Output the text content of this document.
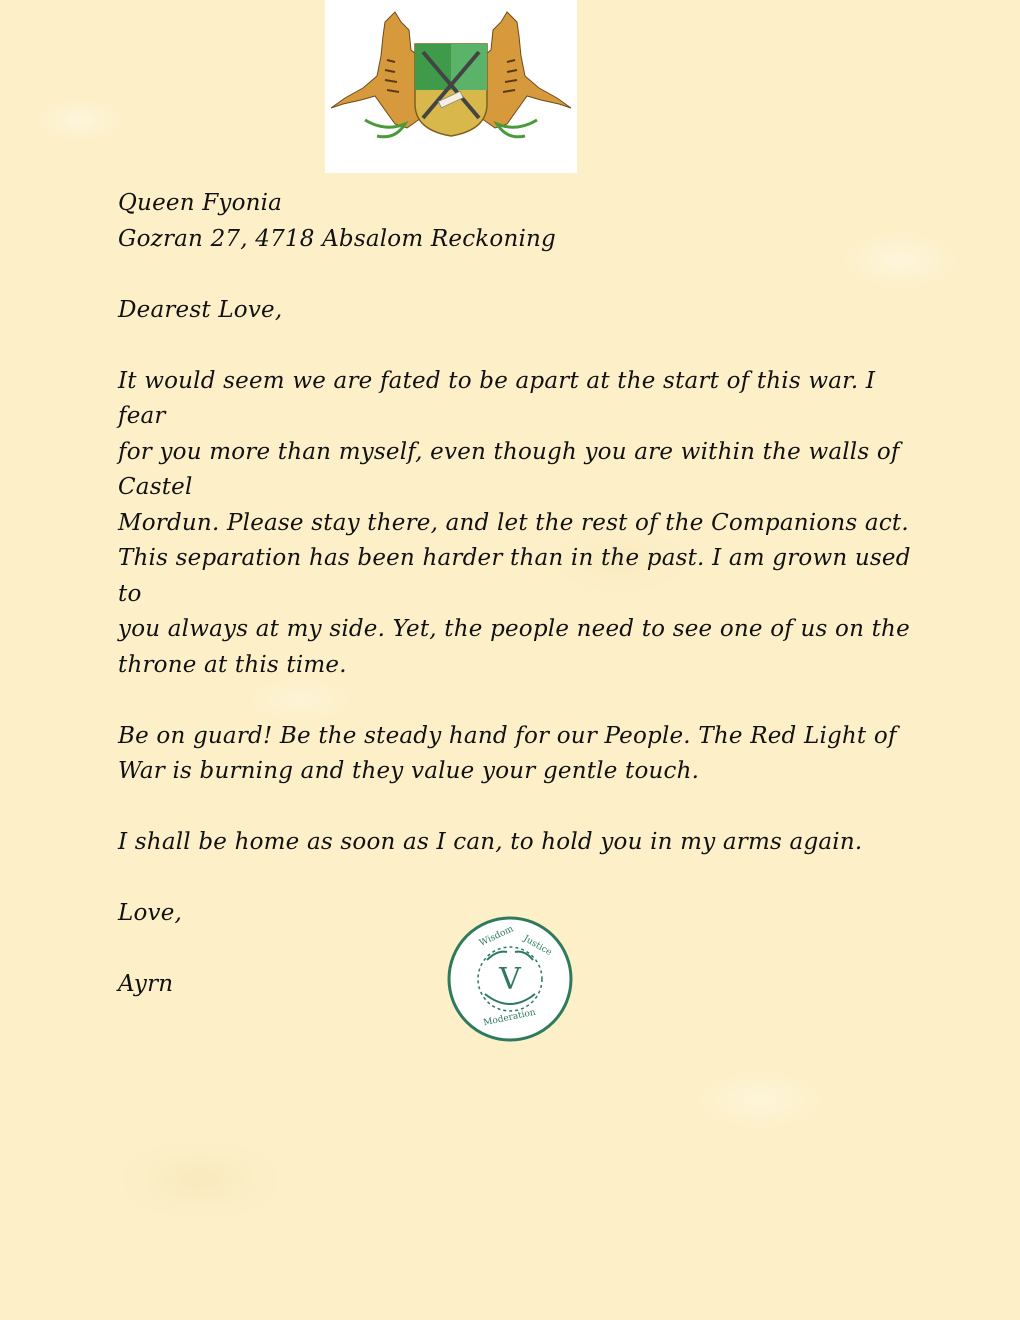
Queen Fyonia

Gozran 27, 4718 Absalom Reckoning

Dearest Love,

It would seem we are fated to be apart at the start of this war. I fear

for you more than myself, even though you are within the walls of Castel

Mordun. Please stay there, and let the rest of the Companions act.

This separation has been harder than in the past. I am grown used to

you always at my side. Yet, the people need to see one of us on the

throne at this time.

Be on guard! Be the steady hand for our People. The Red Light of

War is burning and they value your gentle touch.

I shall be home as soon as I can, to hold you in my arms again.

Love,

Ayrn	V
Wisdom Justice
Moderation
